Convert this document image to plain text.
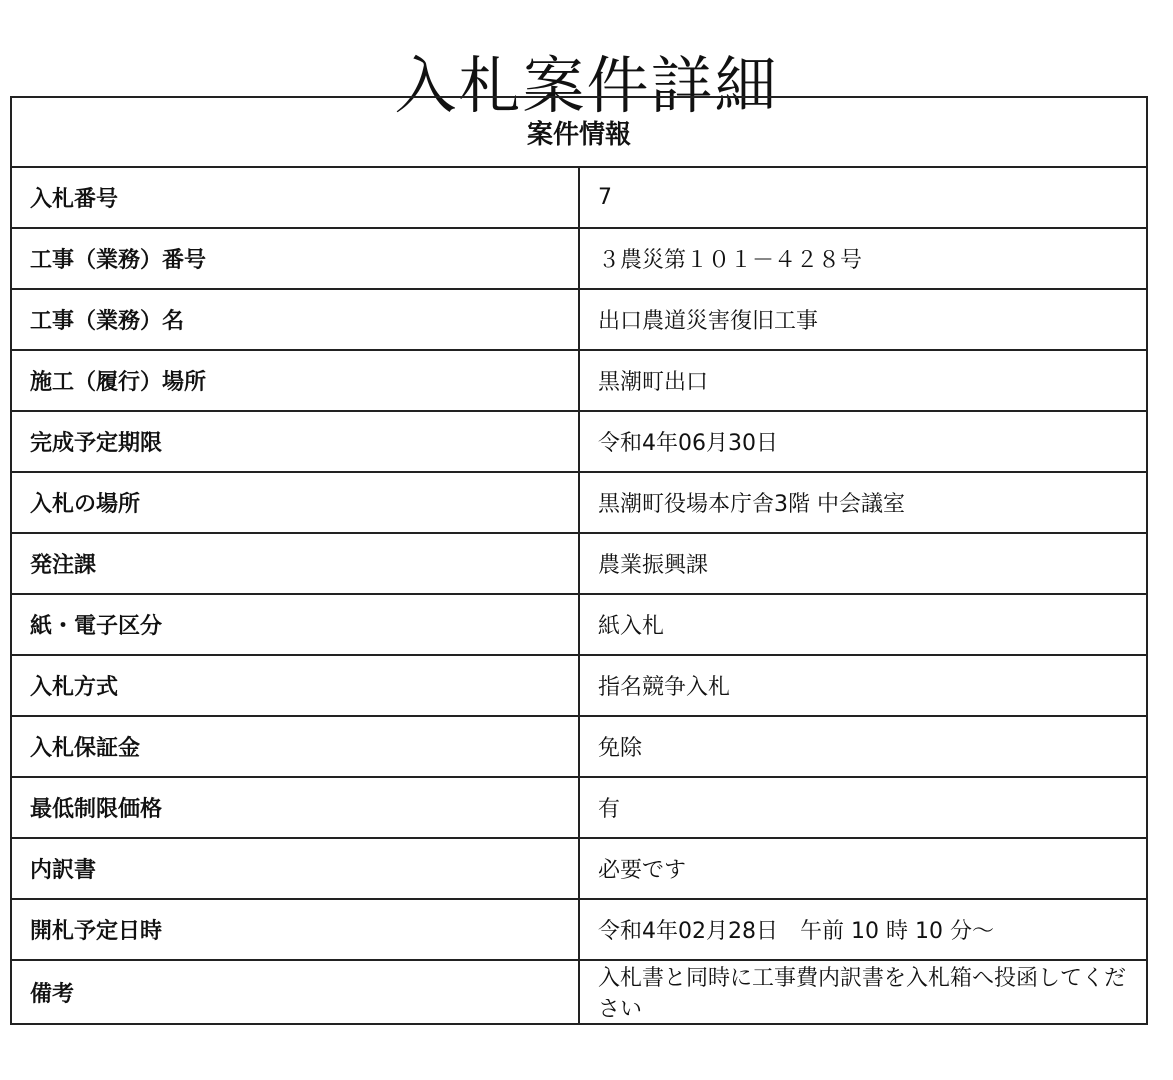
入札案件詳細
案件情報	
入札番号	7
工事（業務）番号	３農災第１０１－４２８号
工事（業務）名	出口農道災害復旧工事
施工（履行）場所	黒潮町出口
完成予定期限	令和4年06月30日
入札の場所	黒潮町役場本庁舎3階 中会議室
発注課	農業振興課
紙・電子区分	紙入札
入札方式	指名競争入札
入札保証金	免除
最低制限価格	有
内訳書	必要です
開札予定日時	令和4年02月28日　午前 10 時 10 分～
備考	入札書と同時に工事費内訳書を入札箱へ投函してください
